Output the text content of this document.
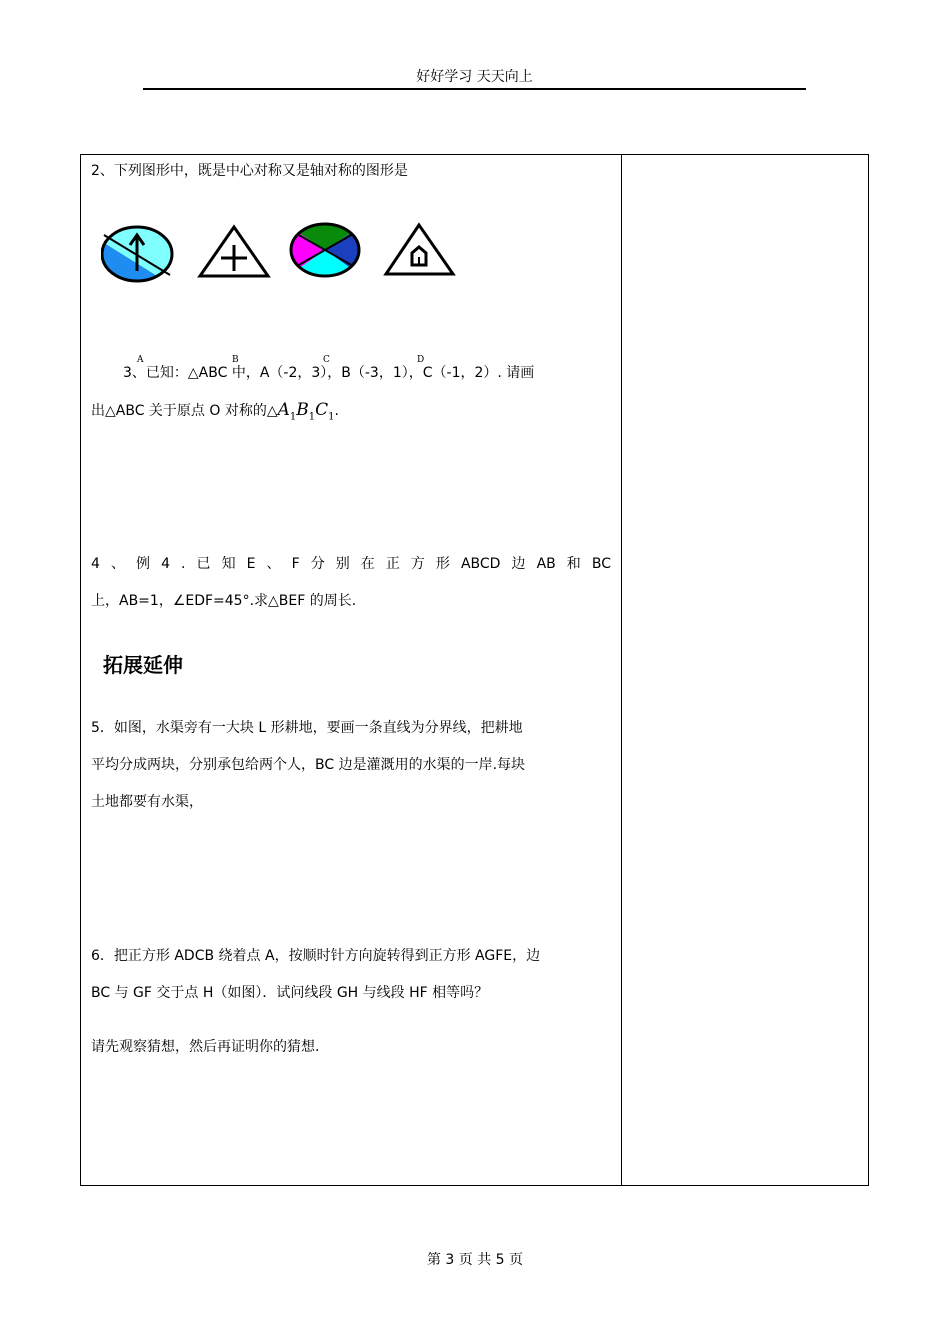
好好学习 天天向上
2、下列图形中，既是中心对称又是轴对称的图形是
A	B	C	D
3、已知：△ABC 中，A（-2，3），B（-3，1），C（-1，2）. 请画
出△ABC 关于原点 O 对称的$\triangle A_1B_1C_1$.
4 、 例 4 . 已 知 E 、 F 分 别 在 正 方 形 ABCD 边 AB 和 BC
上，AB=1，∠EDF=45°.求△BEF 的周长.
拓展延伸
5．如图，水渠旁有一大块 L 形耕地，要画一条直线为分界线，把耕地
平均分成两块，分别承包给两个人，BC 边是灌溉用的水渠的一岸.每块
土地都要有水渠，
6．把正方形 ADCB 绕着点 A，按顺时针方向旋转得到正方形 AGFE，边
BC 与 GF 交于点 H（如图）．试问线段 GH 与线段 HF 相等吗？
请先观察猜想，然后再证明你的猜想.
第 3 页 共 5 页
